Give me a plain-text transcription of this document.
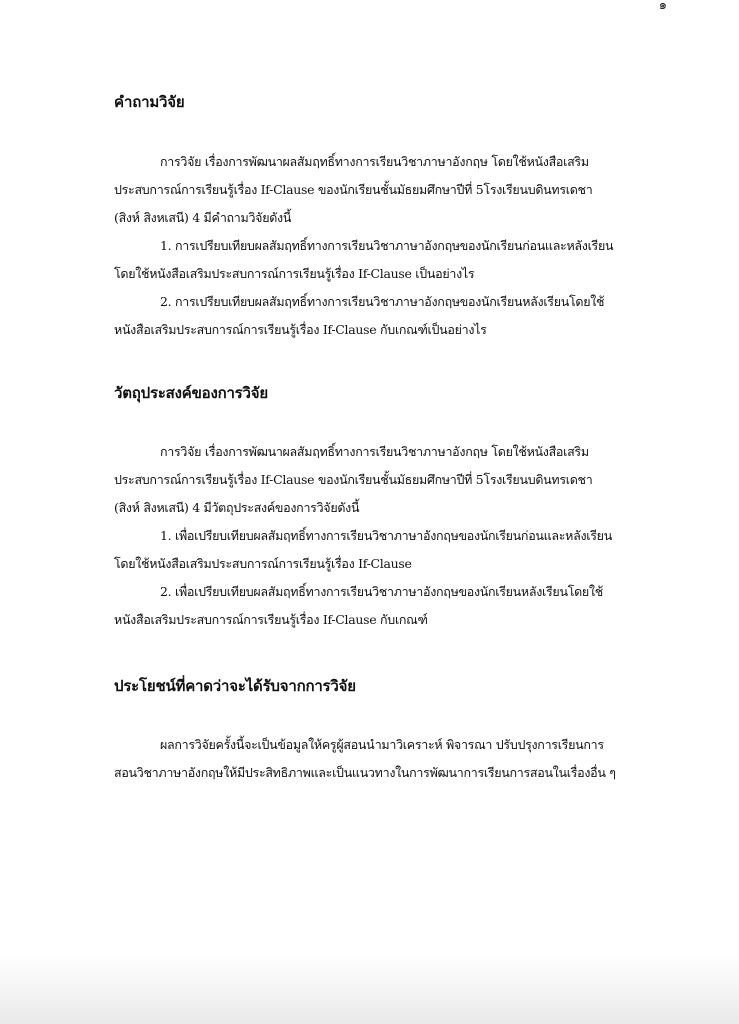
๑
คำถามวิจัย
การวิจัย เรื่องการพัฒนาผลสัมฤทธิ์ทางการเรียนวิชาภาษาอังกฤษ โดยใช้หนังสือเสริม
ประสบการณ์การเรียนรู้เรื่อง If-Clause ของนักเรียนชั้นมัธยมศึกษาปีที่ 5โรงเรียนบดินทรเดชา
(สิงห์ สิงหเสนี) 4 มีคำถามวิจัยดังนี้
1. การเปรียบเทียบผลสัมฤทธิ์ทางการเรียนวิชาภาษาอังกฤษของนักเรียนก่อนและหลังเรียน
โดยใช้หนังสือเสริมประสบการณ์การเรียนรู้เรื่อง If-Clause เป็นอย่างไร
2. การเปรียบเทียบผลสัมฤทธิ์ทางการเรียนวิชาภาษาอังกฤษของนักเรียนหลังเรียนโดยใช้
หนังสือเสริมประสบการณ์การเรียนรู้เรื่อง If-Clause กับเกณฑ์เป็นอย่างไร
วัตถุประสงค์ของการวิจัย
การวิจัย เรื่องการพัฒนาผลสัมฤทธิ์ทางการเรียนวิชาภาษาอังกฤษ โดยใช้หนังสือเสริม
ประสบการณ์การเรียนรู้เรื่อง If-Clause ของนักเรียนชั้นมัธยมศึกษาปีที่ 5โรงเรียนบดินทรเดชา
(สิงห์ สิงหเสนี) 4 มีวัตถุประสงค์ของการวิจัยดังนี้
1. เพื่อเปรียบเทียบผลสัมฤทธิ์ทางการเรียนวิชาภาษาอังกฤษของนักเรียนก่อนและหลังเรียน
โดยใช้หนังสือเสริมประสบการณ์การเรียนรู้เรื่อง If-Clause
2. เพื่อเปรียบเทียบผลสัมฤทธิ์ทางการเรียนวิชาภาษาอังกฤษของนักเรียนหลังเรียนโดยใช้
หนังสือเสริมประสบการณ์การเรียนรู้เรื่อง If-Clause กับเกณฑ์
ประโยชน์ที่คาดว่าจะได้รับจากการวิจัย
ผลการวิจัยครั้งนี้จะเป็นข้อมูลให้ครูผู้สอนนำมาวิเคราะห์ พิจารณา ปรับปรุงการเรียนการ
สอนวิชาภาษาอังกฤษให้มีประสิทธิภาพและเป็นแนวทางในการพัฒนาการเรียนการสอนในเรื่องอื่น ๆ
